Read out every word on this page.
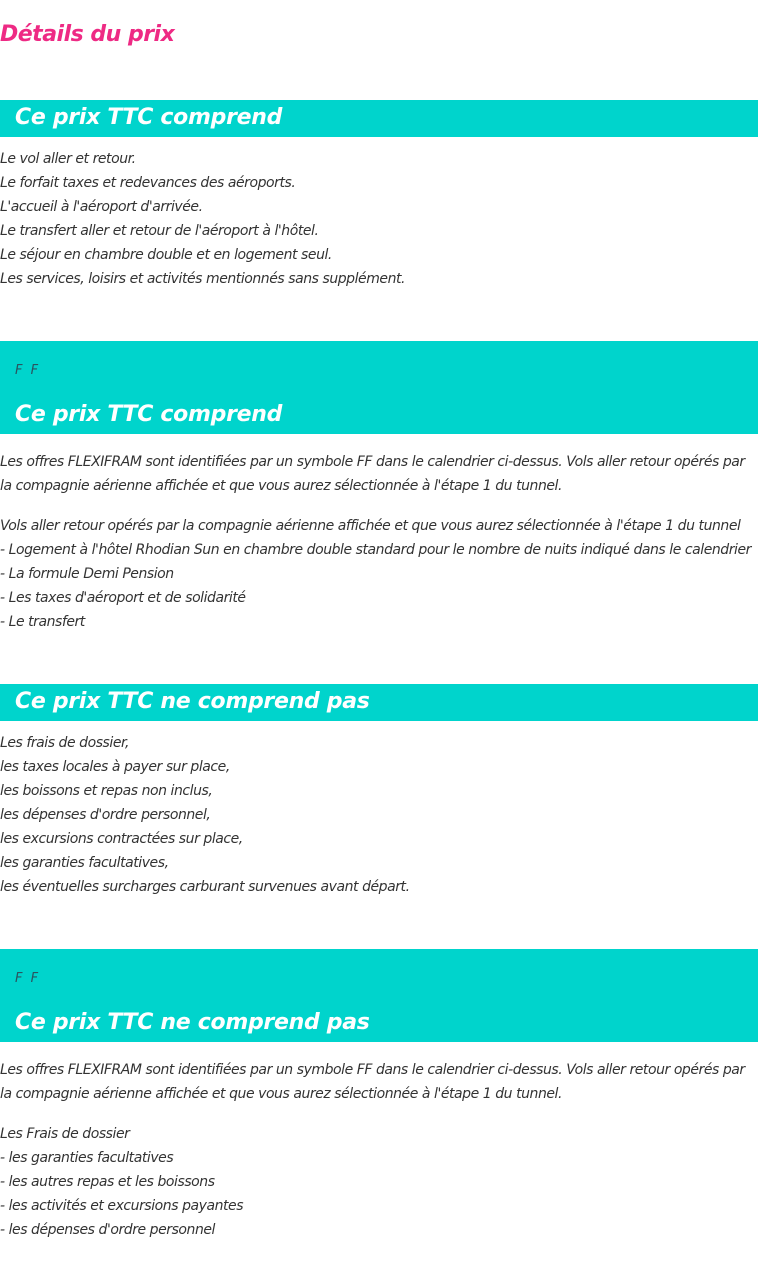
Détails du prix
Ce prix TTC comprend
Le vol aller et retour.
Le forfait taxes et redevances des aéroports.
L'accueil à l'aéroport d'arrivée.
Le transfert aller et retour de l'aéroport à l'hôtel.
Le séjour en chambre double et en logement seul.
Les services, loisirs et activités mentionnés sans supplément.
F F
Ce prix TTC comprend
Les offres FLEXIFRAM sont identifiées par un symbole FF dans le calendrier ci-dessus. Vols aller retour opérés par la compagnie aérienne affichée et que vous aurez sélectionnée à l'étape 1 du tunnel.
Vols aller retour opérés par la compagnie aérienne affichée et que vous aurez sélectionnée à l'étape 1 du tunnel
- Logement à l'hôtel Rhodian Sun en chambre double standard pour le nombre de nuits indiqué dans le calendrier
- La formule Demi Pension
- Les taxes d'aéroport et de solidarité
- Le transfert
Ce prix TTC ne comprend pas
Les frais de dossier,
les taxes locales à payer sur place,
les boissons et repas non inclus,
les dépenses d'ordre personnel,
les excursions contractées sur place,
les garanties facultatives,
les éventuelles surcharges carburant survenues avant départ.
F F
Ce prix TTC ne comprend pas
Les offres FLEXIFRAM sont identifiées par un symbole FF dans le calendrier ci-dessus. Vols aller retour opérés par la compagnie aérienne affichée et que vous aurez sélectionnée à l'étape 1 du tunnel.
Les Frais de dossier
- les garanties facultatives
- les autres repas et les boissons
- les activités et excursions payantes
- les dépenses d'ordre personnel
